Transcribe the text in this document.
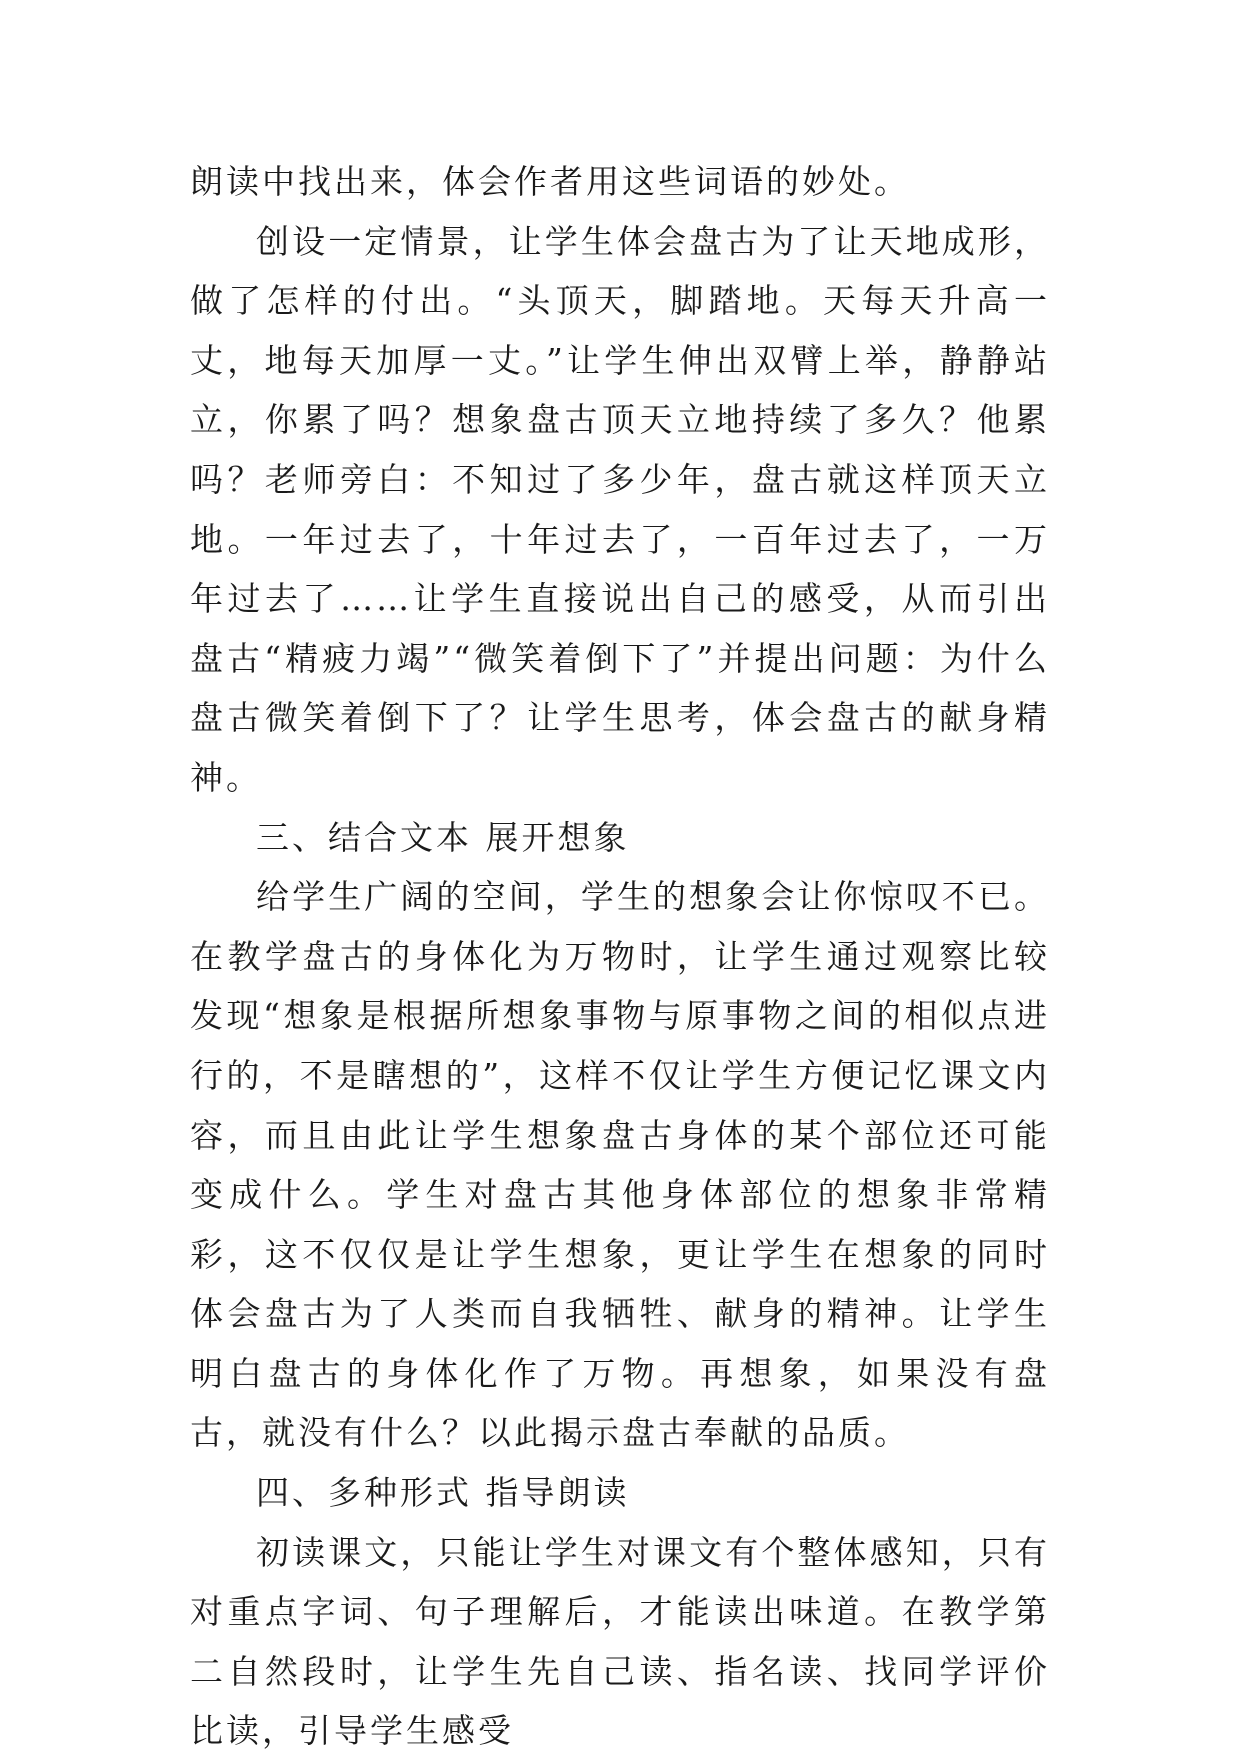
朗读中找出来，体会作者用这些词语的妙处。

创设一定情景，让学生体会盘古为了让天地成形，做了怎样的付出。“头顶天，脚踏地。天每天升高一丈，地每天加厚一丈。”让学生伸出双臂上举，静静站立，你累了吗？想象盘古顶天立地持续了多久？他累吗？老师旁白：不知过了多少年，盘古就这样顶天立地。一年过去了，十年过去了，一百年过去了，一万年过去了……让学生直接说出自己的感受，从而引出盘古“精疲力竭”“微笑着倒下了”并提出问题：为什么盘古微笑着倒下了？让学生思考，体会盘古的献身精神。

三、结合文本 展开想象

给学生广阔的空间，学生的想象会让你惊叹不已。在教学盘古的身体化为万物时，让学生通过观察比较发现“想象是根据所想象事物与原事物之间的相似点进行的，不是瞎想的”，这样不仅让学生方便记忆课文内容，而且由此让学生想象盘古身体的某个部位还可能变成什么。学生对盘古其他身体部位的想象非常精彩，这不仅仅是让学生想象，更让学生在想象的同时体会盘古为了人类而自我牺牲、献身的精神。让学生明白盘古的身体化作了万物。再想象，如果没有盘古，就没有什么？以此揭示盘古奉献的品质。

四、多种形式 指导朗读

初读课文，只能让学生对课文有个整体感知，只有对重点字词、句子理解后，才能读出味道。在教学第二自然段时，让学生先自己读、指名读、找同学评价比读，引导学生感受
